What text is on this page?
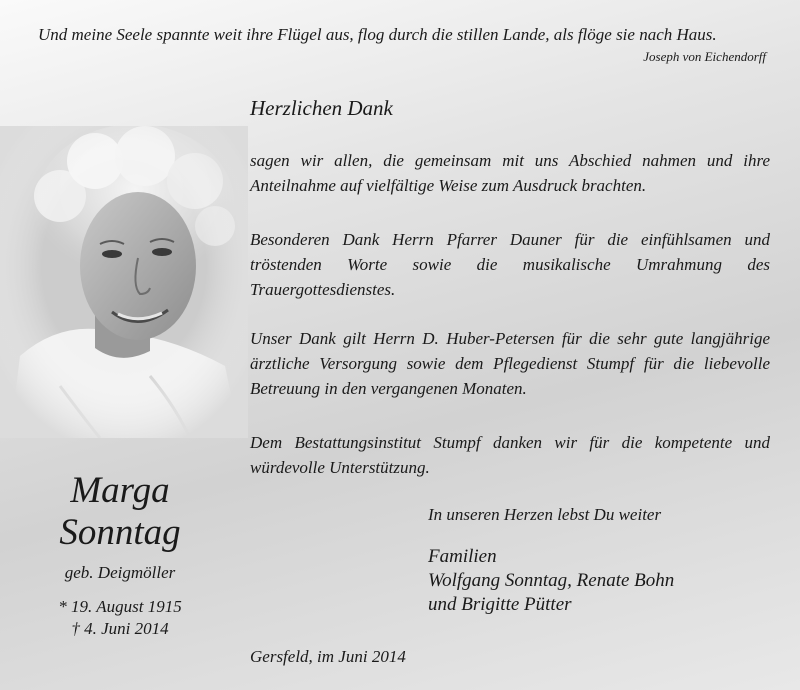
Und meine Seele spannte weit ihre Flügel aus, flog durch die stillen Lande, als flöge sie nach Haus.
Joseph von Eichendorff
Herzlichen Dank
sagen wir allen, die gemeinsam mit uns Abschied nahmen und ihre Anteilnahme auf vielfältige Weise zum Ausdruck brachten.
Besonderen Dank Herrn Pfarrer Dauner für die einfühlsamen und tröstenden Worte sowie die musikalische Umrahmung des Trauergottesdienstes.
Unser Dank gilt Herrn D. Huber-Petersen für die sehr gute langjährige ärztliche Versorgung sowie dem Pflegedienst Stumpf für die liebevolle Betreuung in den vergangenen Monaten.
Dem Bestattungsinstitut Stumpf danken wir für die kompetente und würdevolle Unterstützung.
Marga
Sonntag
geb. Deigmöller
* 19. August 1915
† 4. Juni 2014
In unseren Herzen lebst Du weiter
Familien
Wolfgang Sonntag, Renate Bohn
und Brigitte Pütter
Gersfeld, im Juni 2014
